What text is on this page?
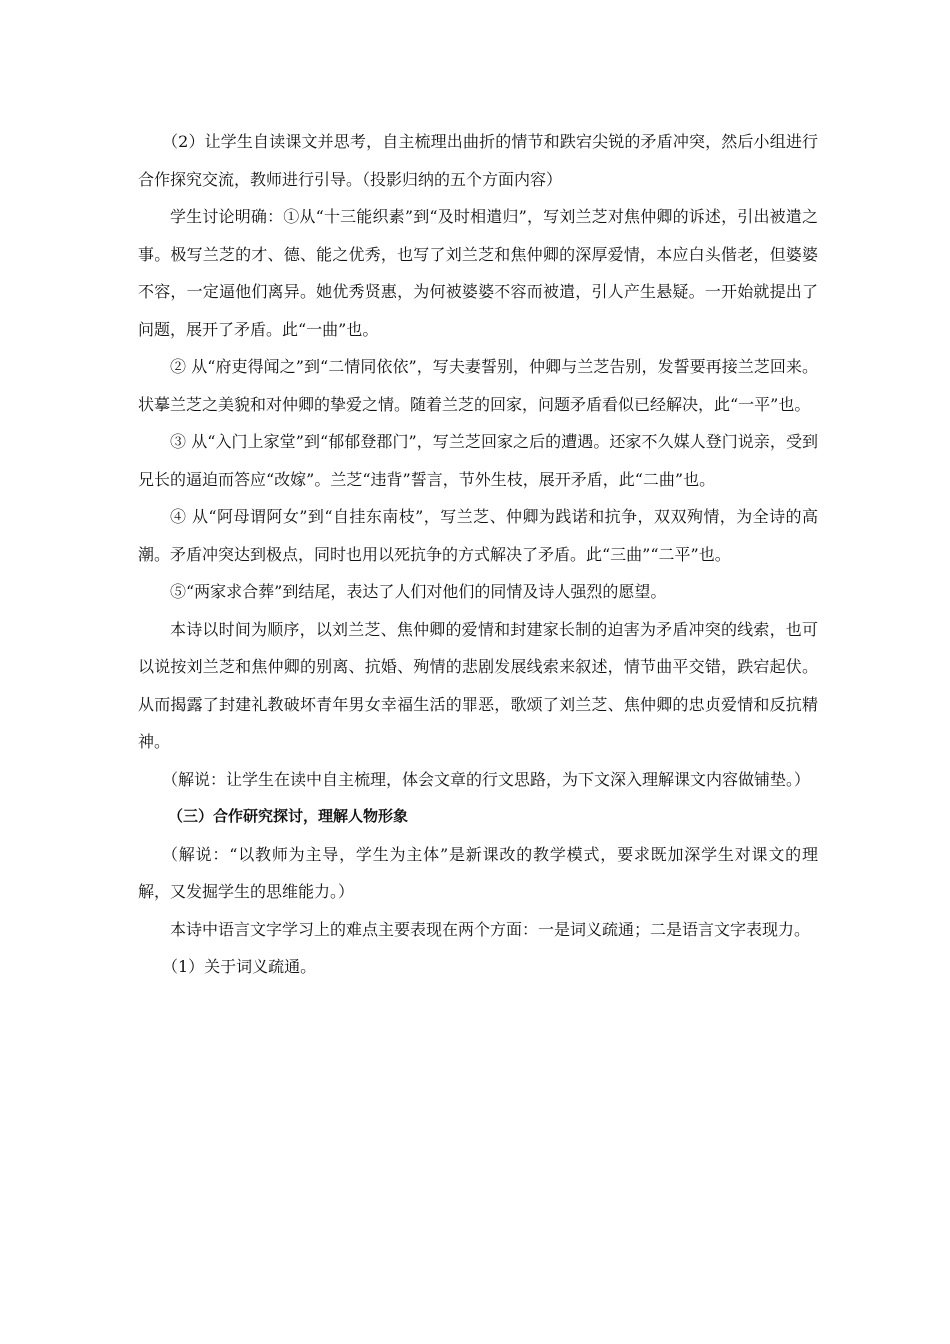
（2）让学生自读课文并思考，自主梳理出曲折的情节和跌宕尖锐的矛盾冲突，然后小组进行合作探究交流，教师进行引导。（投影归纳的五个方面内容）

学生讨论明确：①从“十三能织素”到“及时相遣归”，写刘兰芝对焦仲卿的诉述，引出被遣之事。极写兰芝的才、德、能之优秀，也写了刘兰芝和焦仲卿的深厚爱情，本应白头偕老，但婆婆不容，一定逼他们离异。她优秀贤惠，为何被婆婆不容而被遣，引人产生悬疑。一开始就提出了问题，展开了矛盾。此“一曲”也。

② 从“府吏得闻之”到“二情同依依”，写夫妻誓别，仲卿与兰芝告别，发誓要再接兰芝回来。状摹兰芝之美貌和对仲卿的挚爱之情。随着兰芝的回家，问题矛盾看似已经解决，此“一平”也。

③ 从“入门上家堂”到“郁郁登郡门”，写兰芝回家之后的遭遇。还家不久媒人登门说亲，受到兄长的逼迫而答应“改嫁”。兰芝“违背”誓言，节外生枝，展开矛盾，此“二曲”也。

④ 从“阿母谓阿女”到“自挂东南枝”，写兰芝、仲卿为践诺和抗争，双双殉情，为全诗的高潮。矛盾冲突达到极点，同时也用以死抗争的方式解决了矛盾。此“三曲”“二平”也。

⑤“两家求合葬”到结尾，表达了人们对他们的同情及诗人强烈的愿望。

本诗以时间为顺序，以刘兰芝、焦仲卿的爱情和封建家长制的迫害为矛盾冲突的线索，也可以说按刘兰芝和焦仲卿的别离、抗婚、殉情的悲剧发展线索来叙述，情节曲平交错，跌宕起伏。从而揭露了封建礼教破坏青年男女幸福生活的罪恶，歌颂了刘兰芝、焦仲卿的忠贞爱情和反抗精神。

（解说：让学生在读中自主梳理，体会文章的行文思路，为下文深入理解课文内容做铺垫。）

（三）合作研究探讨，理解人物形象

（解说：“以教师为主导，学生为主体”是新课改的教学模式，要求既加深学生对课文的理解，又发掘学生的思维能力。）

本诗中语言文字学习上的难点主要表现在两个方面：一是词义疏通；二是语言文字表现力。

（1）关于词义疏通。
